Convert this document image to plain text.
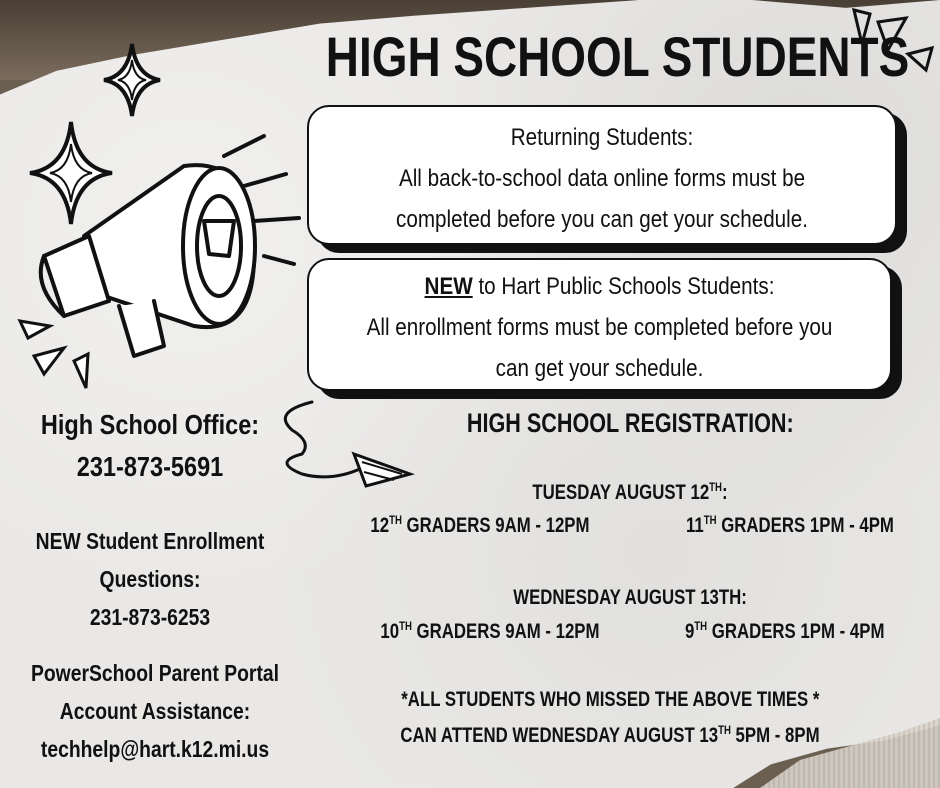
HIGH SCHOOL STUDENTS
Returning Students:
All back-to-school data online forms must be
completed before you can get your schedule.
NEW to Hart Public Schools Students:
All enrollment forms must be completed before you
can get your schedule.
High School Office:
231-873-5691
NEW Student Enrollment
Questions:
231-873-6253
PowerSchool Parent Portal
Account Assistance:
techhelp@hart.k12.mi.us
HIGH SCHOOL REGISTRATION:
TUESDAY AUGUST 12TH:
12TH GRADERS 9AM - 12PM	11TH GRADERS 1PM - 4PM
WEDNESDAY AUGUST 13TH:
10TH GRADERS 9AM - 12PM	9TH GRADERS 1PM - 4PM
*ALL STUDENTS WHO MISSED THE ABOVE TIMES *
CAN ATTEND WEDNESDAY AUGUST 13TH 5PM - 8PM
